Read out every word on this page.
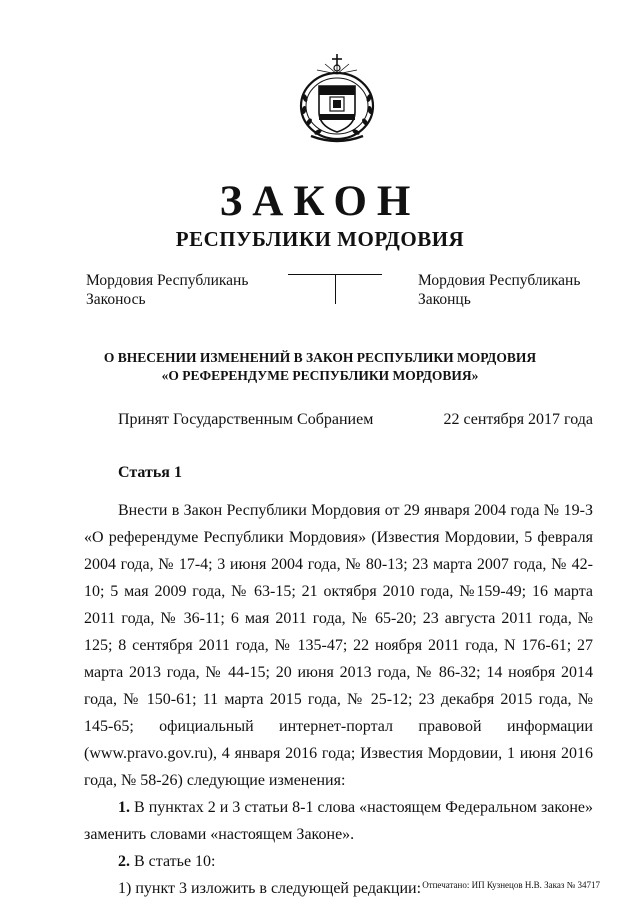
ЗАКОН
РЕСПУБЛИКИ МОРДОВИЯ
Мордовия Республикань
Законось
Мордовия Республикань
Законць
О ВНЕСЕНИИ ИЗМЕНЕНИЙ В ЗАКОН РЕСПУБЛИКИ МОРДОВИЯ
«О РЕФЕРЕНДУМЕ РЕСПУБЛИКИ МОРДОВИЯ»
Принят Государственным Собранием	22 сентября 2017 года
Статья 1

Внести в Закон Республики Мордовия от 29 января 2004 года № 19-З «О референдуме Республики Мордовия» (Известия Мордовии, 5 февраля 2004 года, № 17-4; 3 июня 2004 года, № 80-13; 23 марта 2007 года, № 42-10; 5 мая 2009 года, № 63-15; 21 октября 2010 года, №159-49; 16 марта 2011 года, № 36-11; 6 мая 2011 года, № 65-20; 23 августа 2011 года, № 125; 8 сентября 2011 года, № 135-47; 22 ноября 2011 года, N 176-61; 27 марта 2013 года, № 44-15; 20 июня 2013 года, № 86-32; 14 ноября 2014 года, № 150-61; 11 марта 2015 года, № 25-12; 23 декабря 2015 года, № 145-65; официальный интернет-портал правовой информации (www.pravo.gov.ru), 4 января 2016 года; Известия Мордовии, 1 июня 2016 года, № 58-26) следующие изменения:

1. В пунктах 2 и 3 статьи 8-1 слова «настоящем Федеральном законе» заменить словами «настоящем Законе».

2. В статье 10:

1) пункт 3 изложить в следующей редакции: Отпечатано: ИП Кузнецов Н.В. Заказ № 34717
